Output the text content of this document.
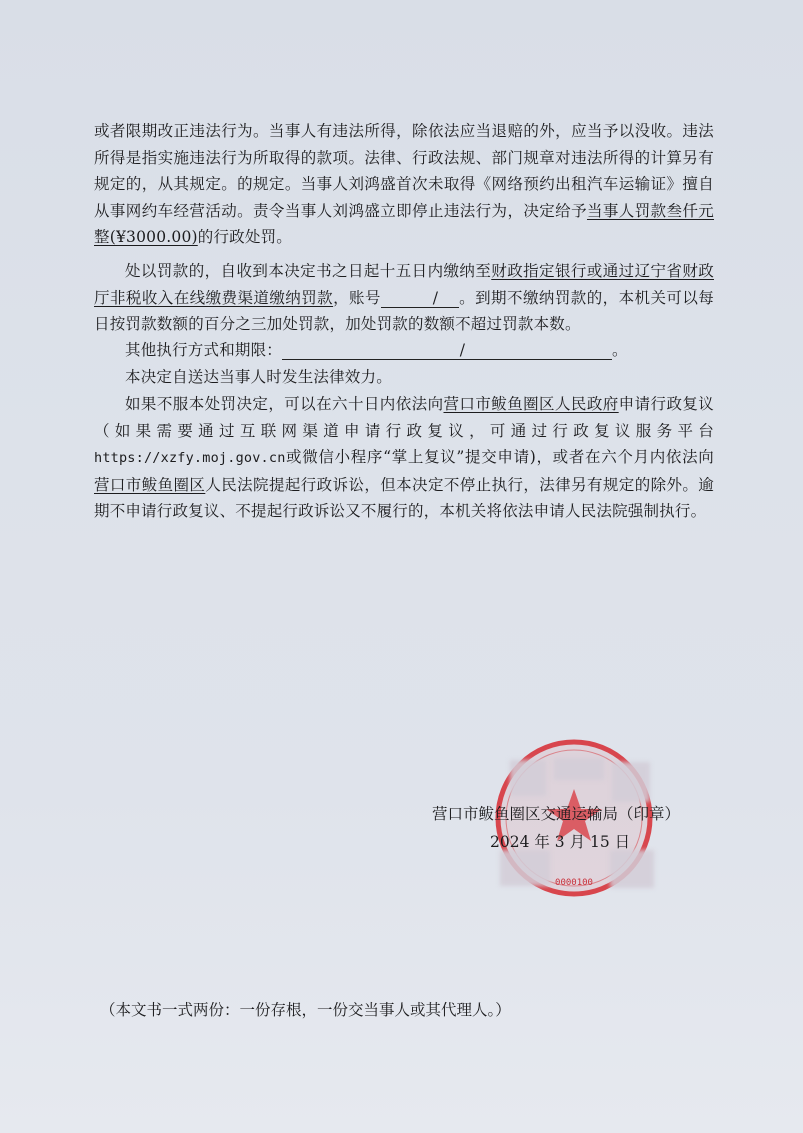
或者限期改正违法行为。当事人有违法所得，除依法应当退赔的外，应当予以没收。违法所得是指实施违法行为所取得的款项。法律、行政法规、部门规章对违法所得的计算另有规定的，从其规定。的规定。当事人刘鸿盛首次未取得《网络预约出租汽车运输证》擅自从事网约车经营活动。责令当事人刘鸿盛立即停止违法行为，决定给予当事人罚款叁仟元整(¥3000.00)的行政处罚。

处以罚款的，自收到本决定书之日起十五日内缴纳至财政指定银行或通过辽宁省财政厅非税收入在线缴费渠道缴纳罚款，账号	/ 。到期不缴纳罚款的，本机关可以每日按罚款数额的百分之三加处罚款，加处罚款的数额不超过罚款本数。

其他执行方式和期限：	/	。

本决定自送达当事人时发生法律效力。

如果不服本处罚决定，可以在六十日内依法向营口市鲅鱼圈区人民政府申请行政复议（如果需要通过互联网渠道申请行政复议，可通过行政复议服务平台https://xzfy.moj.gov.cn或微信小程序“掌上复议”提交申请)，或者在六个月内依法向营口市鲅鱼圈区人民法院提起行政诉讼，但本决定不停止执行，法律另有规定的除外。逾期不申请行政复议、不提起行政诉讼又不履行的，本机关将依法申请人民法院强制执行。

0000100
营口市鲅鱼圈区交通运输局（印章）
2024 年 3 月 15 日
（本文书一式两份：一份存根，一份交当事人或其代理人。）
